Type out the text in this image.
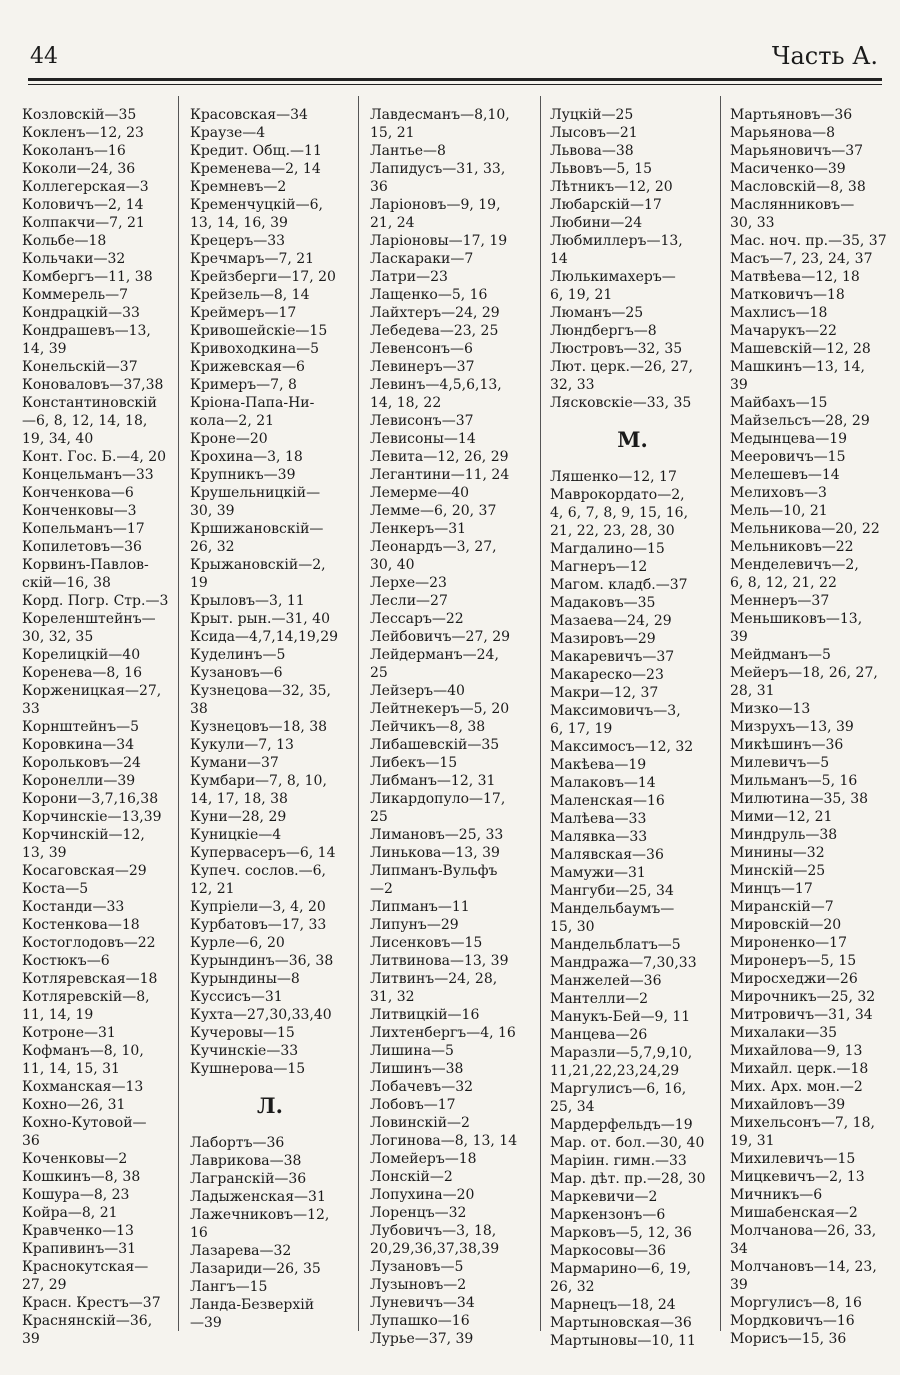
44	Часть А.
Козловскій—35
Кокленъ—12, 23
Коколанъ—16
Коколи—24, 36
Коллегерская—3
Коловичъ—2, 14
Колпакчи—7, 21
Кольбе—18
Кольчаки—32
Комбергъ—11, 38
Коммерель—7
Кондрацкій—33
Кондрашевъ—13,
14, 39
Конельскій—37
Коноваловъ—37,38
Константиновскій
—6, 8, 12, 14, 18,
19, 34, 40
Конт. Гос. Б.—4, 20
Концельманъ—33
Конченкова—6
Конченковы—3
Копельманъ—17
Копилетовъ—36
Корвинъ-Павлов-
скій—16, 38
Корд. Погр. Стр.—3
Кореленштейнъ—
30, 32, 35
Корелицкій—40
Коренева—8, 16
Корженицкая—27,
33
Корнштейнъ—5
Коровкина—34
Корольковъ—24
Коронелли—39
Корони—3,7,16,38
Корчинскіе—13,39
Корчинскій—12,
13, 39
Косаговская—29
Коста—5
Костанди—33
Костенкова—18
Костоглодовъ—22
Костюкъ—6
Котляревская—18
Котляревскій—8,
11, 14, 19
Котроне—31
Кофманъ—8, 10,
11, 14, 15, 31
Кохманская—13
Кохно—26, 31
Кохно-Кутовой—
36
Коченковы—2
Кошкинъ—8, 38
Кошура—8, 23
Койра—8, 21
Кравченко—13
Крапивинъ—31
Краснокутская—
27, 29
Красн. Крестъ—37
Краснянскій—36,
39
Красовская—34
Краузе—4
Кредит. Общ.—11
Кременева—2, 14
Кремневъ—2
Кременчуцкій—6,
13, 14, 16, 39
Крецеръ—33
Кречмаръ—7, 21
Крейзберги—17, 20
Крейзель—8, 14
Креймеръ—17
Кривошейскіе—15
Кривоходкина—5
Крижевская—6
Кримеръ—7, 8
Кріона-Папа-Ни-
кола—2, 21
Кроне—20
Крохина—3, 18
Крупникъ—39
Крушельницкій—
30, 39
Кршижановскій—
26, 32
Крыжановскій—2,
19
Крыловъ—3, 11
Крыт. рын.—31, 40
Ксида—4,7,14,19,29
Куделинъ—5
Кузановъ—6
Кузнецова—32, 35,
38
Кузнецовъ—18, 38
Кукули—7, 13
Кумани—37
Кумбари—7, 8, 10,
14, 17, 18, 38
Куни—28, 29
Куницкіе—4
Купервасеръ—6, 14
Купеч. сослов.—6,
12, 21
Купріели—3, 4, 20
Курбатовъ—17, 33
Курле—6, 20
Курындинъ—36, 38
Курындины—8
Куссисъ—31
Кухта—27,30,33,40
Кучеровы—15
Кучинскіе—33
Кушнерова—15
Л.
Лабортъ—36
Лаврикова—38
Лагранскій—36
Ладыженская—31
Лажечниковъ—12,
16
Лазарева—32
Лазариди—26, 35
Лангъ—15
Ланда-Безверхій
—39
Лавдесманъ—8,10,
15, 21
Лантье—8
Лапидусъ—31, 33,
36
Ларіоновъ—9, 19,
21, 24
Ларіоновы—17, 19
Ласкараки—7
Латри—23
Лащенко—5, 16
Лайхтеръ—24, 29
Лебедева—23, 25
Левенсонъ—6
Левинеръ—37
Левинъ—4,5,6,13,
14, 18, 22
Левисонъ—37
Левисоны—14
Левита—12, 26, 29
Легантини—11, 24
Лемерме—40
Лемме—6, 20, 37
Ленкеръ—31
Леонардъ—3, 27,
30, 40
Лерхе—23
Лесли—27
Лессаръ—22
Лейбовичъ—27, 29
Лейдерманъ—24,
25
Лейзеръ—40
Лейтнекеръ—5, 20
Лейчикъ—8, 38
Либашевскій—35
Либекъ—15
Либманъ—12, 31
Ликардопуло—17,
25
Лимановъ—25, 33
Линькова—13, 39
Липманъ-Вульфъ
—2
Липманъ—11
Липунъ—29
Лисенковъ—15
Литвинова—13, 39
Литвинъ—24, 28,
31, 32
Литвицкій—16
Лихтенбергъ—4, 16
Лишина—5
Лишинъ—38
Лобачевъ—32
Лобовъ—17
Ловинскій—2
Логинова—8, 13, 14
Ломейеръ—18
Лонскій—2
Лопухина—20
Лоренцъ—32
Лубовичъ—3, 18,
20,29,36,37,38,39
Лузановъ—5
Лузыновъ—2
Луневичъ—34
Лупашко—16
Лурье—37, 39
Луцкій—25
Лысовъ—21
Львова—38
Львовъ—5, 15
Лѣтникъ—12, 20
Любарскій—17
Любини—24
Любмиллеръ—13,
14
Люлькимахеръ—
6, 19, 21
Люманъ—25
Люндбергъ—8
Люстровъ—32, 35
Лют. церк.—26, 27,
32, 33
Лясковскіе—33, 35
М.
Ляшенко—12, 17
Маврокордато—2,
4, 6, 7, 8, 9, 15, 16,
21, 22, 23, 28, 30
Магдалино—15
Магнеръ—12
Магом. кладб.—37
Мадаковъ—35
Мазаева—24, 29
Мазировъ—29
Макаревичъ—37
Макареско—23
Макри—12, 37
Максимовичъ—3,
6, 17, 19
Максимосъ—12, 32
Макѣева—19
Малаковъ—14
Маленская—16
Малѣева—33
Малявка—33
Малявская—36
Мамужи—31
Мангуби—25, 34
Мандельбаумъ—
15, 30
Мандельблатъ—5
Мандража—7,30,33
Манжелей—36
Мантелли—2
Манукъ-Бей—9, 11
Манцева—26
Маразли—5,7,9,10,
11,21,22,23,24,29
Маргулисъ—6, 16,
25, 34
Мардерфельдъ—19
Мар. от. бол.—30, 40
Маріин. гимн.—33
Мар. дѣт. пр.—28, 30
Маркевичи—2
Маркензонъ—6
Марковъ—5, 12, 36
Маркосовы—36
Мармарино—6, 19,
26, 32
Марнецъ—18, 24
Мартыновская—36
Мартыновы—10, 11
Мартьяновъ—36
Марьянова—8
Марьяновичъ—37
Масиченко—39
Масловскій—8, 38
Маслянниковъ—
30, 33
Мас. ноч. пр.—35, 37
Масъ—7, 23, 24, 37
Матвѣева—12, 18
Матковичъ—18
Махлисъ—18
Мачарукъ—22
Машевскій—12, 28
Машкинъ—13, 14,
39
Майбахъ—15
Майзельсъ—28, 29
Медынцева—19
Мееровичъ—15
Мелешевъ—14
Мелиховъ—3
Мель—10, 21
Мельникова—20, 22
Мельниковъ—22
Менделевичъ—2,
6, 8, 12, 21, 22
Меннеръ—37
Меньшиковъ—13,
39
Мейдманъ—5
Мейеръ—18, 26, 27,
28, 31
Мизко—13
Мизрухъ—13, 39
Микѣшинъ—36
Милевичъ—5
Мильманъ—5, 16
Милютина—35, 38
Мими—12, 21
Миндруль—38
Минины—32
Минскій—25
Минцъ—17
Миранскій—7
Мировскій—20
Мироненко—17
Миронеръ—5, 15
Миросхеджи—26
Мирочникъ—25, 32
Митровичъ—31, 34
Михалаки—35
Михайлова—9, 13
Михайл. церк.—18
Мих. Арх. мон.—2
Михайловъ—39
Михельсонъ—7, 18,
19, 31
Михилевичъ—15
Мицкевичъ—2, 13
Мичникъ—6
Мишабенская—2
Молчанова—26, 33,
34
Молчановъ—14, 23,
39
Моргулисъ—8, 16
Мордковичъ—16
Морисъ—15, 36
